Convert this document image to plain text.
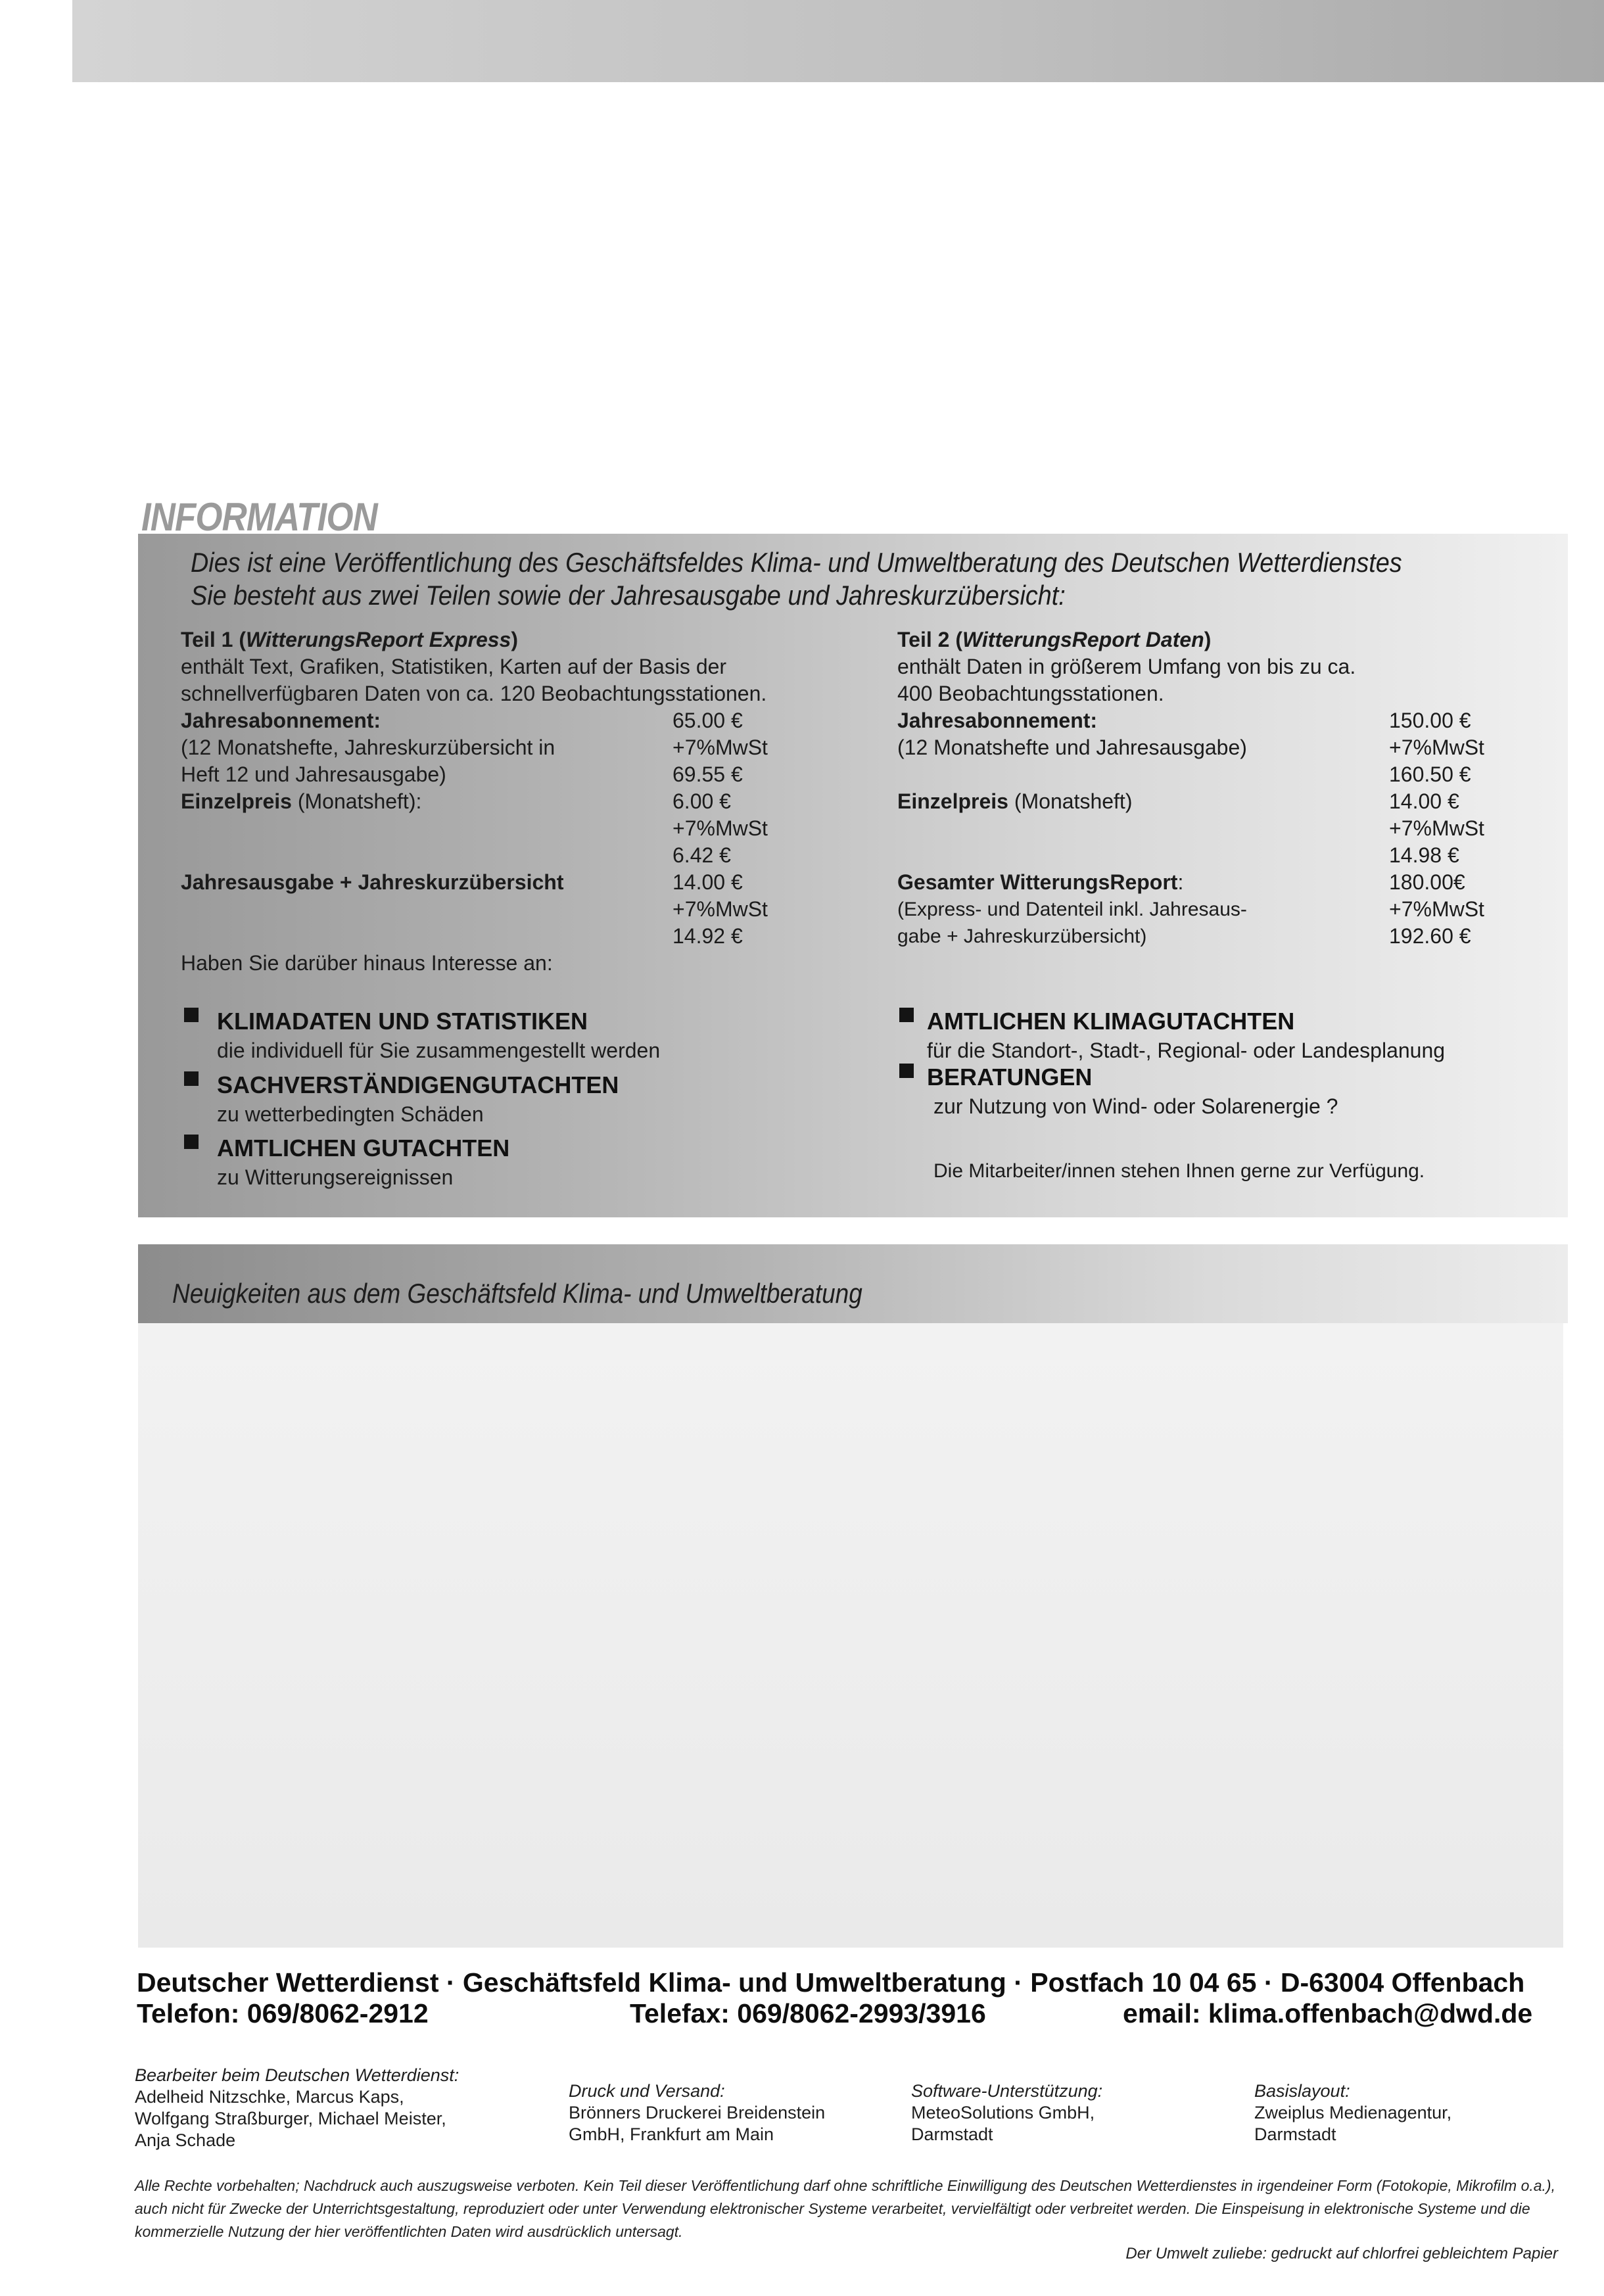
INFORMATION
Dies ist eine Veröffentlichung des Geschäftsfeldes Klima- und Umweltberatung des Deutschen Wetterdienstes
Sie besteht aus zwei Teilen sowie der Jahresausgabe und Jahreskurzübersicht:
Teil 1 (WitterungsReport Express)
enthält Text, Grafiken, Statistiken, Karten auf der Basis der
schnellverfügbaren Daten von ca. 120 Beobachtungsstationen.
Jahresabonnement:
(12 Monatshefte, Jahreskurzübersicht in
Heft 12 und Jahresausgabe)
Einzelpreis (Monatsheft):
Jahresausgabe + Jahreskurzübersicht
Haben Sie darüber hinaus Interesse an:
65.00 €
+7%MwSt
69.55 €
6.00 €
+7%MwSt
6.42 €
14.00 €
+7%MwSt
14.92 €
Teil 2 (WitterungsReport Daten)
enthält Daten in größerem Umfang von bis zu ca.
400 Beobachtungsstationen.
Jahresabonnement:
(12 Monatshefte und Jahresausgabe)
Einzelpreis (Monatsheft)
Gesamter WitterungsReport:
(Express- und Datenteil inkl. Jahresaus-
gabe + Jahreskurzübersicht)
150.00 €
+7%MwSt
160.50 €
14.00 €
+7%MwSt
14.98 €
180.00€
+7%MwSt
192.60 €
KLIMADATEN UND STATISTIKEN
die individuell für Sie zusammengestellt werden
SACHVERSTÄNDIGENGUTACHTEN
zu wetterbedingten Schäden
AMTLICHEN GUTACHTEN
zu Witterungsereignissen
AMTLICHEN KLIMAGUTACHTEN
für die Standort-, Stadt-, Regional- oder Landesplanung
BERATUNGEN
zur Nutzung von Wind- oder Solarenergie ?
Die Mitarbeiter/innen stehen Ihnen gerne zur Verfügung.
Neuigkeiten aus dem Geschäftsfeld Klima- und Umweltberatung
Deutscher Wetterdienst · Geschäftsfeld Klima- und Umweltberatung · Postfach 10 04 65 · D-63004 Offenbach
Telefon: 069/8062-2912	Telefax: 069/8062-2993/3916	email: klima.offenbach@dwd.de
Bearbeiter beim Deutschen Wetterdienst:
Adelheid Nitzschke, Marcus Kaps,
Wolfgang Straßburger, Michael Meister,
Anja Schade
Druck und Versand:
Brönners Druckerei Breidenstein
GmbH, Frankfurt am Main
Software-Unterstützung:
MeteoSolutions GmbH,
Darmstadt
Basislayout:
Zweiplus Medienagentur,
Darmstadt
Alle Rechte vorbehalten; Nachdruck auch auszugsweise verboten. Kein Teil dieser Veröffentlichung darf ohne schriftliche Einwilligung des Deutschen Wetterdienstes in irgendeiner Form (Fotokopie, Mikrofilm o.a.), auch nicht für Zwecke der Unterrichtsgestaltung, reproduziert oder unter Verwendung elektronischer Systeme verarbeitet, vervielfältigt oder verbreitet werden. Die Einspeisung in elektronische Systeme und die kommerzielle Nutzung der hier veröffentlichten Daten wird ausdrücklich untersagt.
Der Umwelt zuliebe: gedruckt auf chlorfrei gebleichtem Papier
